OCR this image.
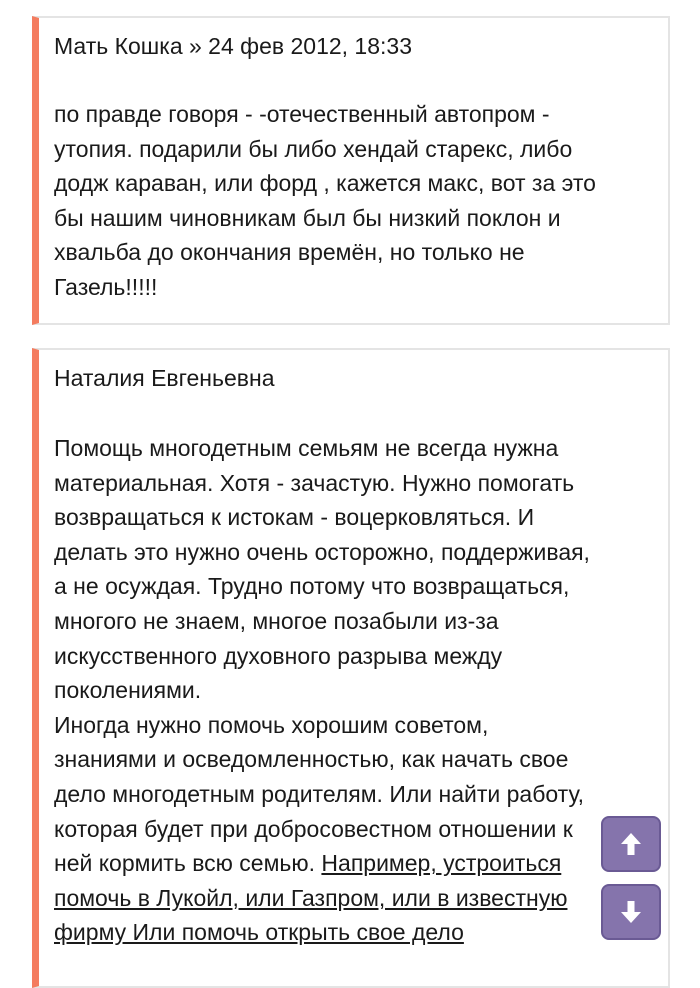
Мать Кошка » 24 фев 2012, 18:33

по правде говоря - -отечественный автопром -
утопия. подарили бы либо хендай старекс, либо
додж караван, или форд , кажется макс, вот за это
бы нашим чиновникам был бы низкий поклон и
хвальба до окончания времён, но только не
Газель!!!!!

Наталия Евгеньевна

Помощь многодетным семьям не всегда нужна
материальная. Хотя - зачастую. Нужно помогать
возвращаться к истокам - воцерковляться. И
делать это нужно очень осторожно, поддерживая,
а не осуждая. Трудно потому что возвращаться,
многого не знаем, многое позабыли из-за
искусственного духовного разрыва между
поколениями.
Иногда нужно помочь хорошим советом,
знаниями и осведомленностью, как начать свое
дело многодетным родителям. Или найти работу,
которая будет при добросовестном отношении к
ней кормить всю семью. Например, устроиться
помочь в Лукойл, или Газпром, или в известную
фирму Или помочь открыть свое дело
